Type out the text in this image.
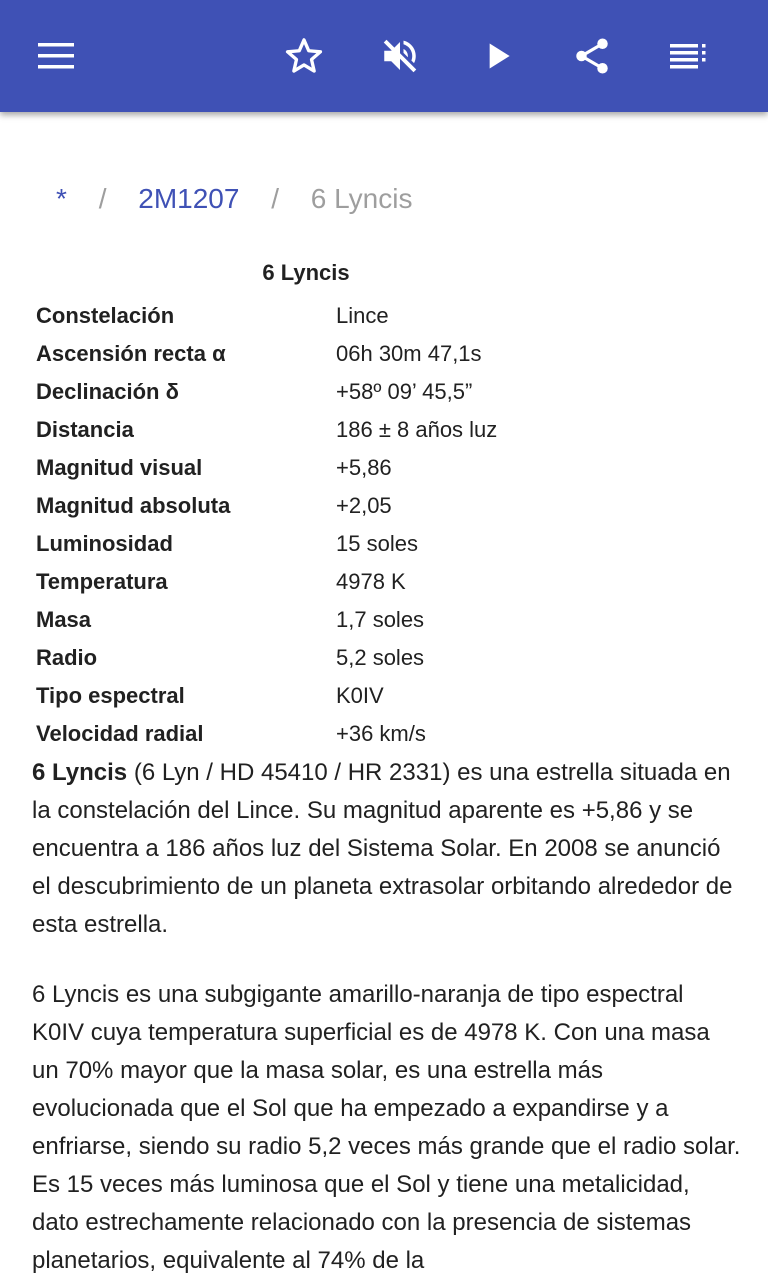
* / 2M1207 / 6 Lyncis
6 Lyncis
Constelación	Lince
Ascensión recta α	06h 30m 47,1s
Declinación δ	+58º 09’ 45,5”
Distancia	186 ± 8 años luz
Magnitud visual	+5,86
Magnitud absoluta	+2,05
Luminosidad	15 soles
Temperatura	4978 K
Masa	1,7 soles
Radio	5,2 soles
Tipo espectral	K0IV
Velocidad radial	+36 km/s

6 Lyncis (6 Lyn / HD 45410 / HR 2331) es una estrella situada en la constelación del Lince. Su magnitud aparente es +5,86 y se encuentra a 186 años luz del Sistema Solar. En 2008 se anunció el descubrimiento de un planeta extrasolar orbitando alrededor de esta estrella.

6 Lyncis es una subgigante amarillo-naranja de tipo espectral K0IV cuya temperatura superficial es de 4978 K. Con una masa un 70% mayor que la masa solar, es una estrella más evolucionada que el Sol que ha empezado a expandirse y a enfriarse, siendo su radio 5,2 veces más grande que el radio solar. Es 15 veces más luminosa que el Sol y tiene una metalicidad, dato estrechamente relacionado con la presencia de sistemas planetarios, equivalente al 74% de la
